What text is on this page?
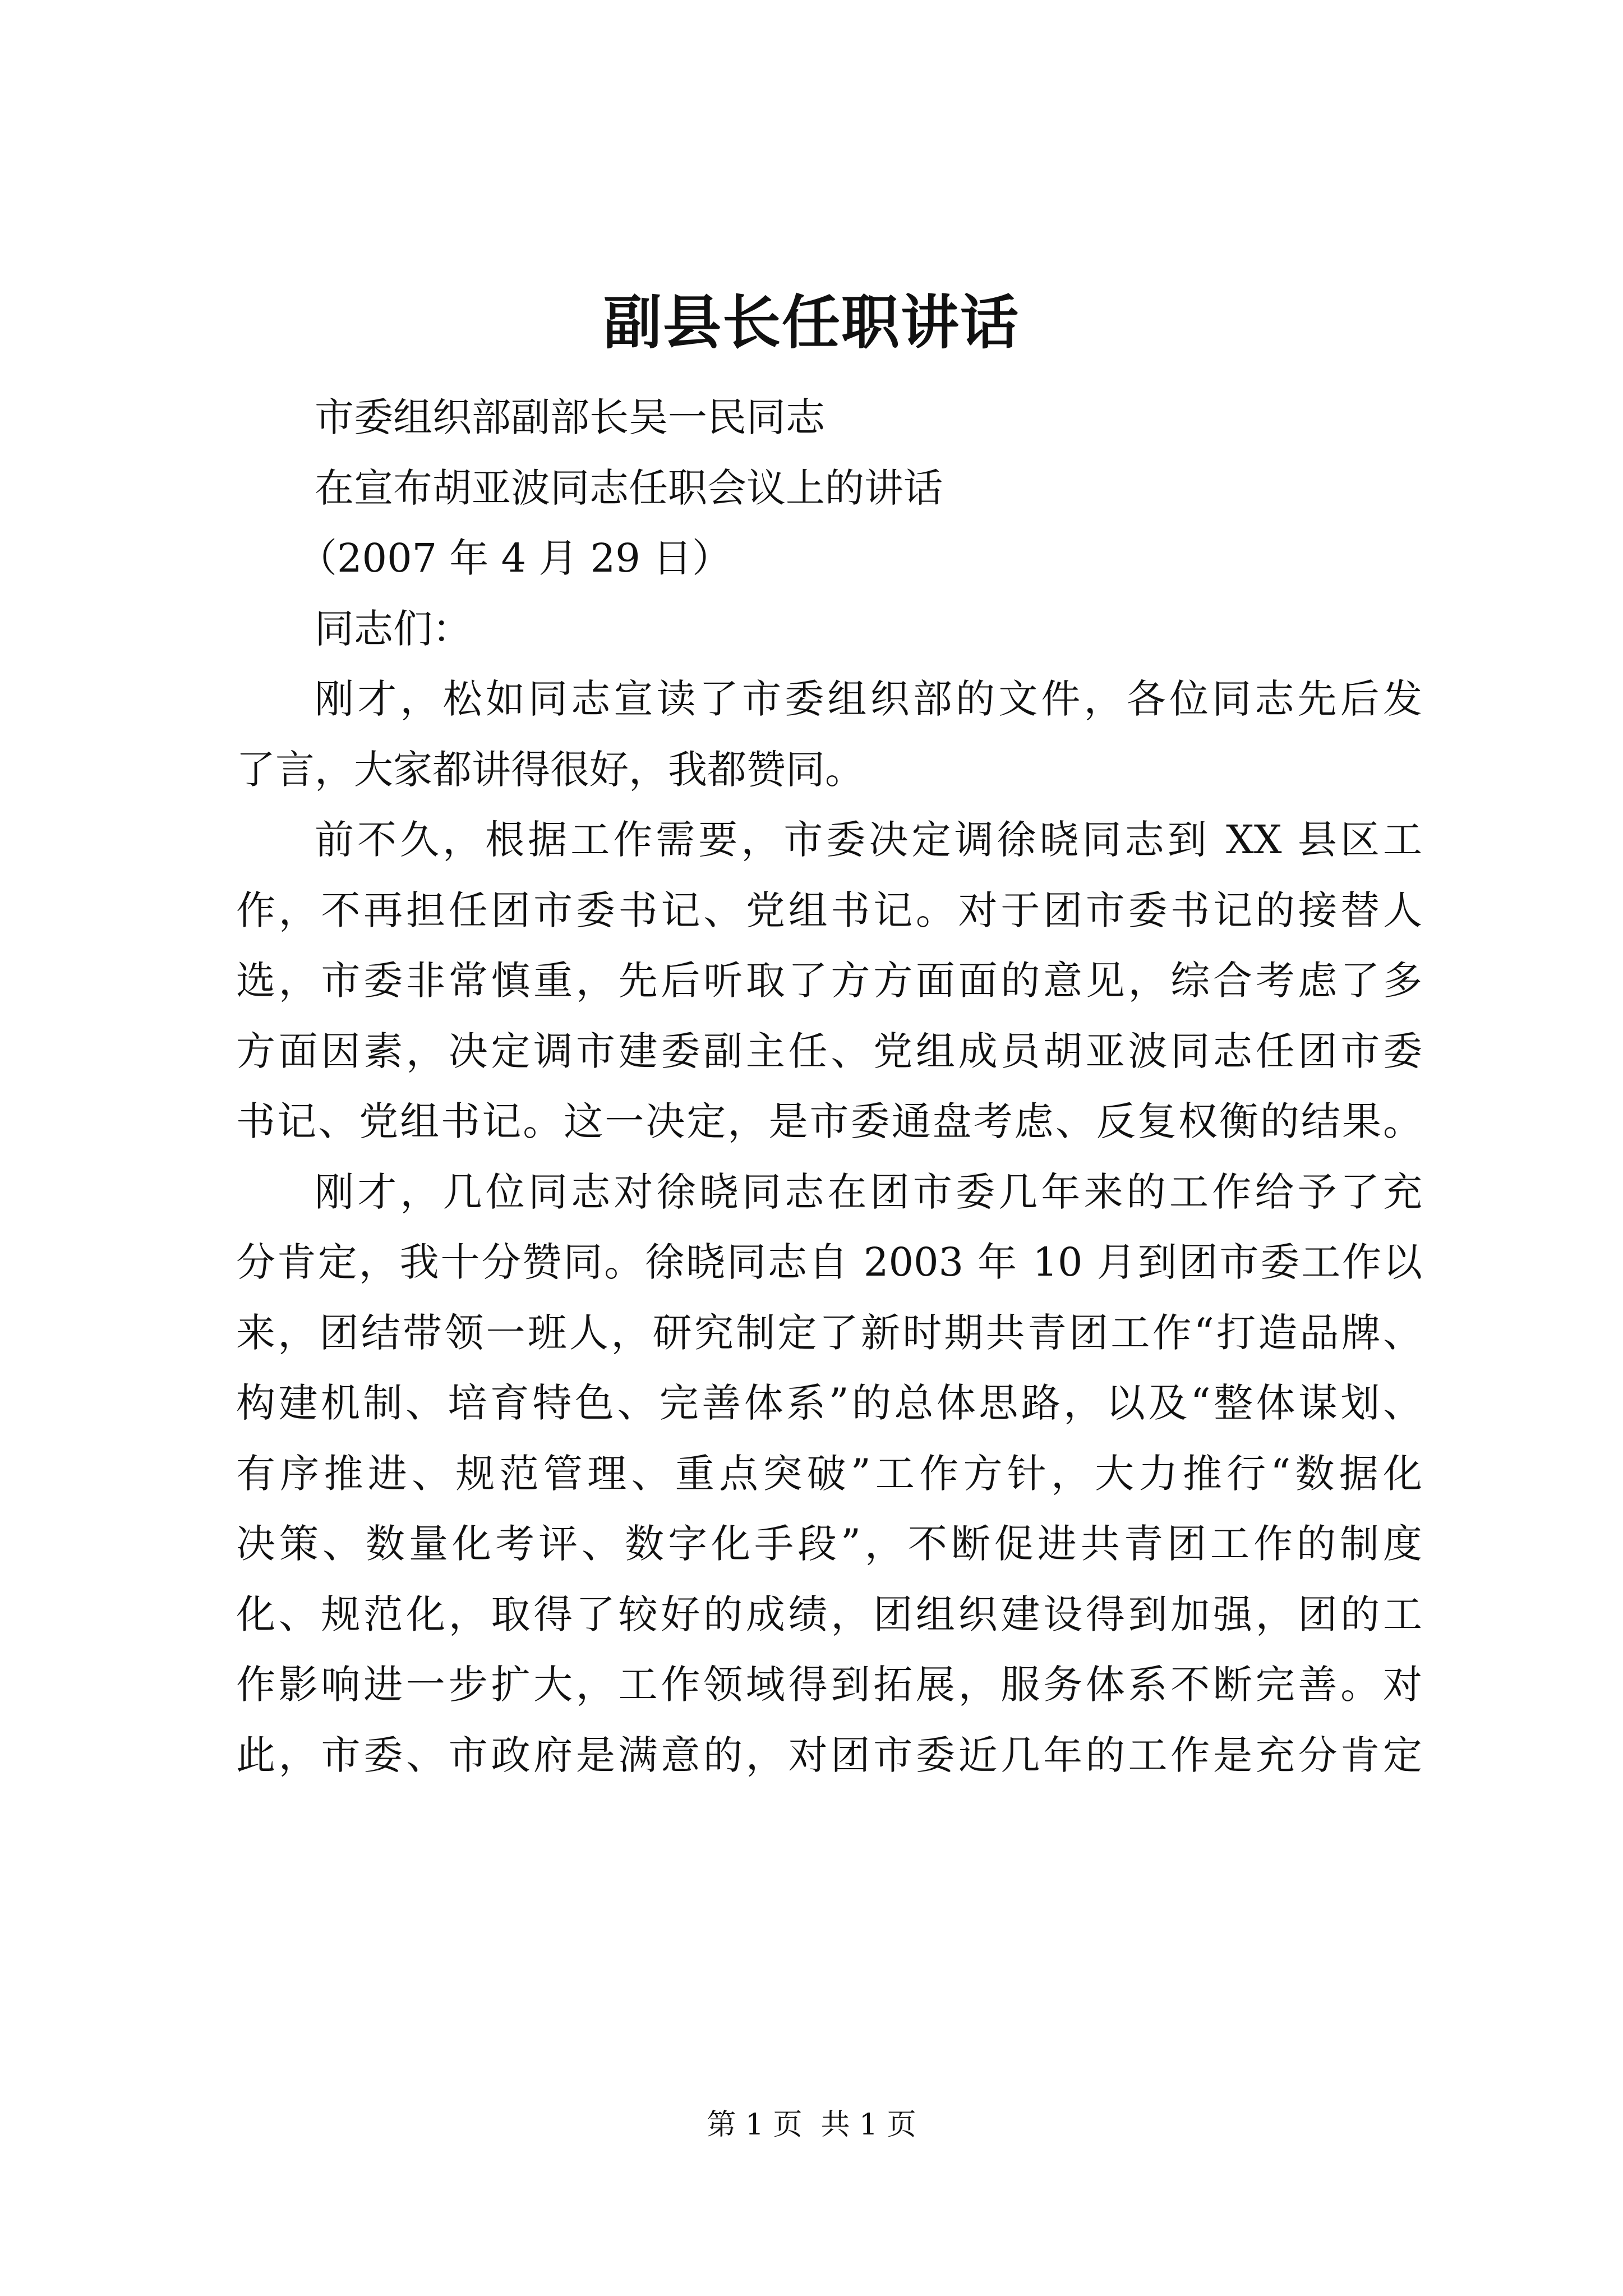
副县长任职讲话
市委组织部副部长吴一民同志
在宣布胡亚波同志任职会议上的讲话
（2007 年 4 月 29 日）
同志们：
刚才，松如同志宣读了市委组织部的文件，各位同志先后发
了言，大家都讲得很好，我都赞同。
前不久，根据工作需要，市委决定调徐晓同志到 XX 县区工
作，不再担任团市委书记、党组书记。对于团市委书记的接替人
选，市委非常慎重，先后听取了方方面面的意见，综合考虑了多
方面因素，决定调市建委副主任、党组成员胡亚波同志任团市委
书记、党组书记。这一决定，是市委通盘考虑、反复权衡的结果。
刚才，几位同志对徐晓同志在团市委几年来的工作给予了充
分肯定，我十分赞同。徐晓同志自 2003 年 10 月到团市委工作以
来，团结带领一班人，研究制定了新时期共青团工作“打造品牌、
构建机制、培育特色、完善体系”的总体思路，以及“整体谋划、
有序推进、规范管理、重点突破”工作方针，大力推行“数据化
决策、数量化考评、数字化手段”，不断促进共青团工作的制度
化、规范化，取得了较好的成绩，团组织建设得到加强，团的工
作影响进一步扩大，工作领域得到拓展，服务体系不断完善。对
此，市委、市政府是满意的，对团市委近几年的工作是充分肯定
第 1 页  共 1 页
